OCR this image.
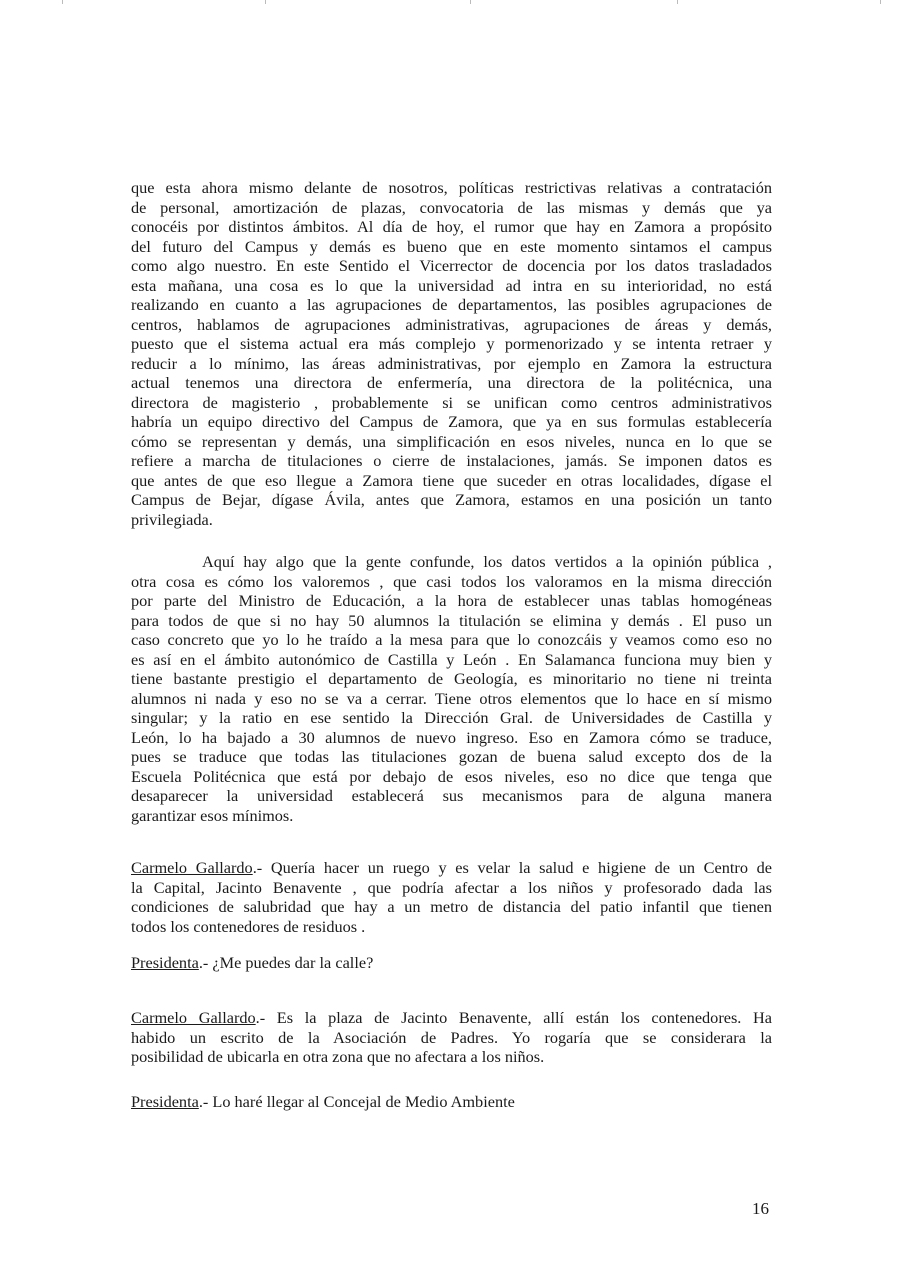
que esta ahora mismo delante de nosotros, políticas restrictivas relativas a contratación
de personal, amortización de plazas, convocatoria de las mismas y demás que ya
conocéis por distintos ámbitos. Al día de hoy, el rumor que hay en Zamora a propósito
del futuro del Campus y demás es bueno que en este momento sintamos el campus
como algo nuestro. En este Sentido el Vicerrector de docencia por los datos trasladados
esta mañana, una cosa es lo que la universidad ad intra en su interioridad, no está
realizando en cuanto a las agrupaciones de departamentos, las posibles agrupaciones de
centros, hablamos de agrupaciones administrativas, agrupaciones de áreas y demás,
puesto que el sistema actual era más complejo y pormenorizado y se intenta retraer y
reducir a lo mínimo, las áreas administrativas, por ejemplo en Zamora la estructura
actual tenemos una directora de enfermería, una directora de la politécnica, una
directora de magisterio , probablemente si se unifican como centros administrativos
habría un equipo directivo del Campus de Zamora, que ya en sus formulas establecería
cómo se representan y demás, una simplificación en esos niveles, nunca en lo que se
refiere a marcha de titulaciones o cierre de instalaciones, jamás. Se imponen datos es
que antes de que eso llegue a Zamora tiene que suceder en otras localidades, dígase el
Campus de Bejar, dígase Ávila, antes que Zamora, estamos en una posición un tanto
privilegiada.
Aquí hay algo que la gente confunde, los datos vertidos a la opinión pública ,
otra cosa es cómo los valoremos , que casi todos los valoramos en la misma dirección
por parte del Ministro de Educación, a la hora de establecer unas tablas homogéneas
para todos de que si no hay 50 alumnos la titulación se elimina y demás . El puso un
caso concreto que yo lo he traído a la mesa para que lo conozcáis y veamos como eso no
es así en el ámbito autonómico de Castilla y León . En Salamanca funciona muy bien y
tiene bastante prestigio el departamento de Geología, es minoritario no tiene ni treinta
alumnos ni nada y eso no se va a cerrar. Tiene otros elementos que lo hace en sí mismo
singular; y la ratio en ese sentido la Dirección Gral. de Universidades de Castilla y
León, lo ha bajado a 30 alumnos de nuevo ingreso. Eso en Zamora cómo se traduce,
pues se traduce que todas las titulaciones gozan de buena salud excepto dos de la
Escuela Politécnica que está por debajo de esos niveles, eso no dice que tenga que
desaparecer la universidad establecerá sus mecanismos para de alguna manera
garantizar esos mínimos.
Carmelo Gallardo.- Quería hacer un ruego y es velar la salud e higiene de un Centro de
la Capital, Jacinto Benavente , que podría afectar a los niños y profesorado dada las
condiciones de salubridad que hay a un metro de distancia del patio infantil que tienen
todos los contenedores de residuos .
Presidenta.- ¿Me puedes dar la calle?
Carmelo Gallardo.- Es la plaza de Jacinto Benavente, allí están los contenedores. Ha
habido un escrito de la Asociación de Padres. Yo rogaría que se considerara la
posibilidad de ubicarla en otra zona que no afectara a los niños.
Presidenta.- Lo haré llegar al Concejal de Medio Ambiente
16
